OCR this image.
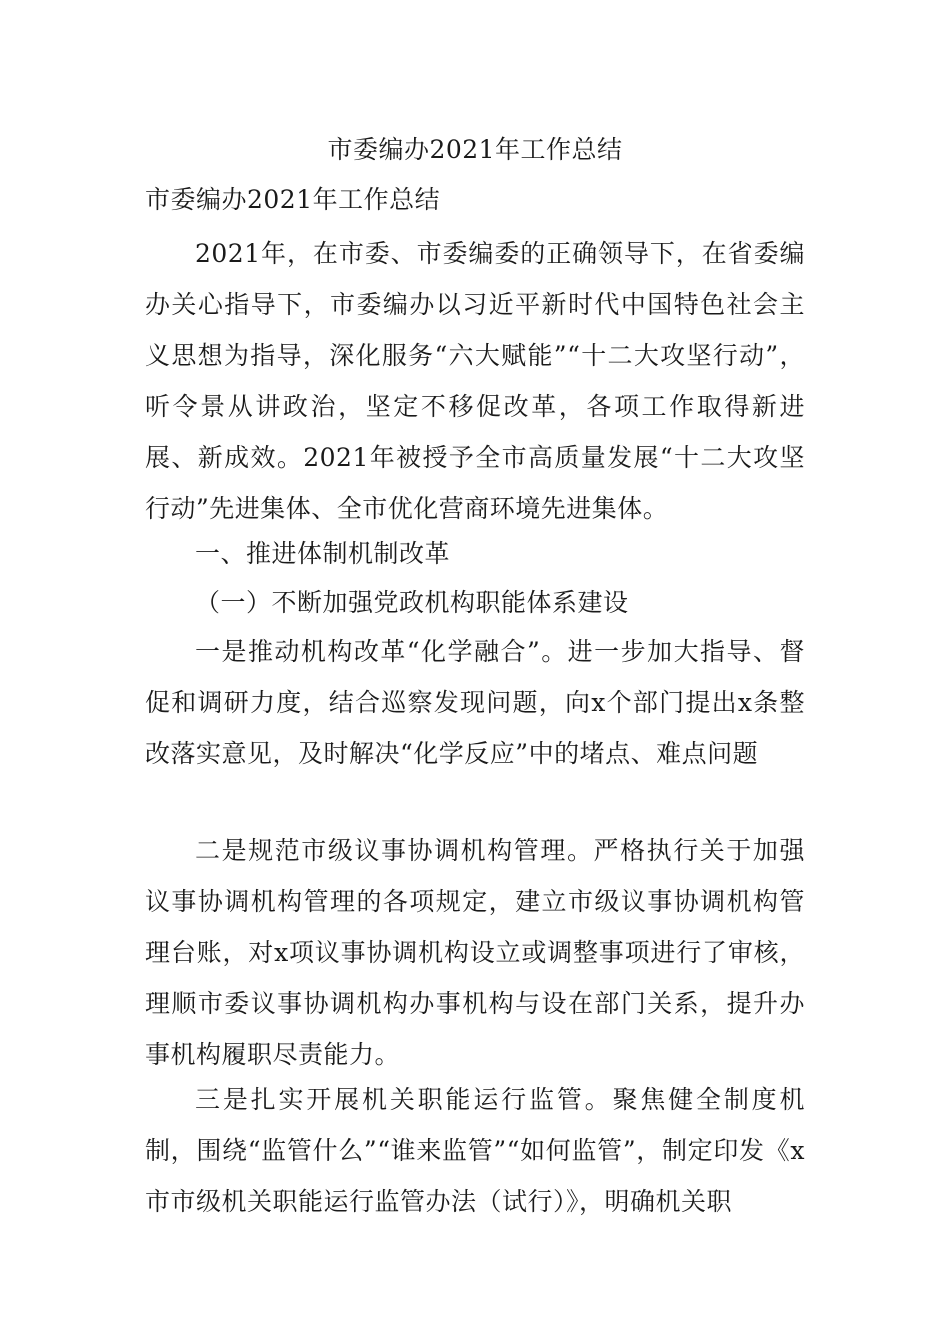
市委编办2021年工作总结
市委编办2021年工作总结

2021年，在市委、市委编委的正确领导下，在省委编办关心指导下，市委编办以习近平新时代中国特色社会主义思想为指导，深化服务“六大赋能”“十二大攻坚行动”，听令景从讲政治，坚定不移促改革，各项工作取得新进展、新成效。2021年被授予全市高质量发展“十二大攻坚行动”先进集体、全市优化营商环境先进集体。

一、推进体制机制改革
（一）不断加强党政机构职能体系建设

一是推动机构改革“化学融合”。进一步加大指导、督促和调研力度，结合巡察发现问题，向x个部门提出x条整改落实意见，及时解决“化学反应”中的堵点、难点问题

二是规范市级议事协调机构管理。严格执行关于加强议事协调机构管理的各项规定，建立市级议事协调机构管理台账，对x项议事协调机构设立或调整事项进行了审核，理顺市委议事协调机构办事机构与设在部门关系，提升办事机构履职尽责能力。

三是扎实开展机关职能运行监管。聚焦健全制度机制，围绕“监管什么”“谁来监管”“如何监管”，制定印发《x市市级机关职能运行监管办法（试行）》，明确机关职
